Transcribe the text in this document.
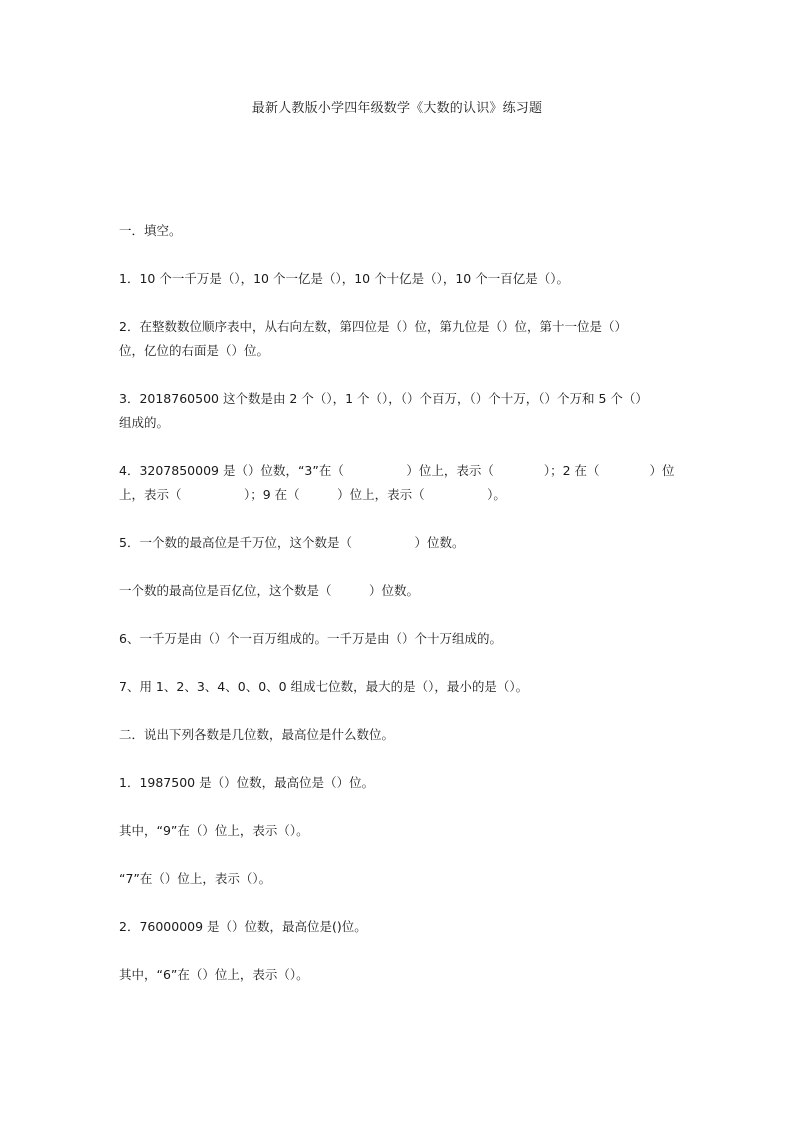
最新人教版小学四年级数学《大数的认识》练习题
一．填空。
1．10 个一千万是（），10 个一亿是（），10 个十亿是（），10 个一百亿是（）。
2．在整数数位顺序表中，从右向左数，第四位是（）位，第九位是（）位，第十一位是（）
位，亿位的右面是（）位。
3．2018760500 这个数是由 2 个（），1 个（），（）个百万，（）个十万，（）个万和 5 个（）
组成的。
4．3207850009 是（）位数，“3”在（　　　　　）位上，表示（　　　　）；2 在（　　　　）位
上，表示（　　　　　）；9 在（　　　）位上，表示（　　　　　）。
5．一个数的最高位是千万位，这个数是（　　　　　）位数。
一个数的最高位是百亿位，这个数是（　　　）位数。
6、一千万是由（）个一百万组成的。一千万是由（）个十万组成的。
7、用 1、2、3、4、0、0、0 组成七位数，最大的是（），最小的是（）。
二．说出下列各数是几位数，最高位是什么数位。
1．1987500 是（）位数，最高位是（）位。
其中，“9”在（）位上，表示（）。
“7”在（）位上，表示（）。
2．76000009 是（）位数，最高位是()位。
其中，“6”在（）位上，表示（）。
